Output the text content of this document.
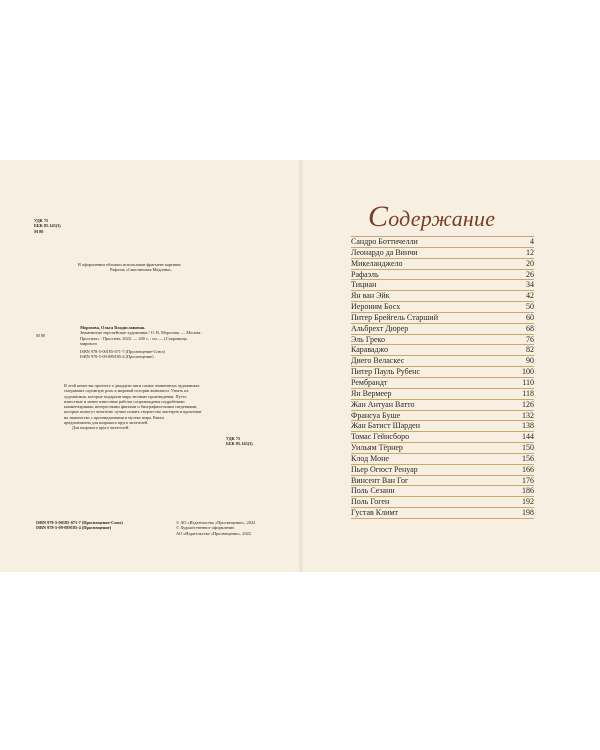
УДК 75
ББК 85.143(3)
М 80
В оформлении обложки использован фрагмент картины:
Рафаэль «Сикстинская Мадонна».
М 80
Морозова, Ольга Владиславовна.
Знаменитые европейские художники / О. В. Морозова. — Москва :
Проспект» : Проспект, 2022. — 200 с. : ил. — (Сокровища
мирового
ISBN 978-5-00185-071-7 (Просвещение-Союз)
ISBN 978-5-09-089185-4 (Просвещение)
В этой книге вы прочтете о двадцати пяти самых знаменитых художниках
сыгравших огромную роль в мировой истории живописи. Узнать их
художников, которые подарили миру великие произведения. Пусть
известные и менее известные работы сопровождены подробными
комментариями, интересными фактами и биографическими сведениями,
которые помогут читателю лучше понять творчество мастеров и вдохновят
на знакомство с произведениями в музеях мира. Книга
предназначена для широкого круга читателей.
Для широкого круга читателей.
УДК 75
ББК 85.143(3)
ISBN 978-5-00185-071-7 (Просвещение-Союз)
ISBN 978-5-09-089185-4 (Просвещение)
© АО «Издательство «Просвещение», 2022
© Художественное оформление.
АО «Издательство «Просвещение», 2022
Содержание
Сандро Боттичелли	4
Леонардо да Винчи	12
Микеланджело	20
Рафаэль	26
Тициан	34
Ян ван Эйк	42
Иероним Босх	50
Питер Брейгель Старший	60
Альбрехт Дюрер	68
Эль Греко	76
Караваджо	82
Диего Веласкес	90
Питер Пауль Рубенс	100
Рембрандт	110
Ян Вермеер	118
Жан Антуан Ватто	126
Франсуа Буше	132
Жан Батист Шарден	138
Томас Гейнсборо	144
Уильям Тёрнер	150
Клод Моне	156
Пьер Огюст Ренуар	166
Винсент Ван Гог	176
Поль Сезанн	186
Поль Гоген	192
Густав Климт	198
